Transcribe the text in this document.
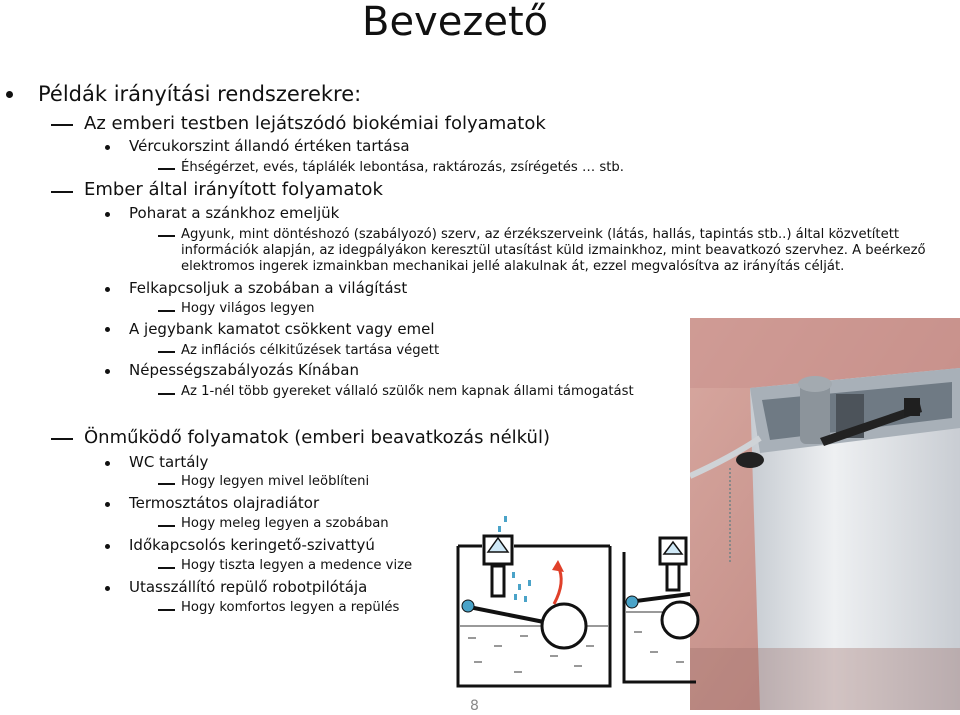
Bevezető
Példák irányítási rendszerekre:
Az emberi testben lejátszódó biokémiai folyamatok
Vércukorszint állandó értéken tartása
Éhségérzet, evés, táplálék lebontása, raktározás, zsírégetés … stb.
Ember által irányított folyamatok
Poharat a szánkhoz emeljük
Agyunk, mint döntéshozó (szabályozó) szerv, az érzékszerveink (látás, hallás, tapintás stb..) által közvetített
információk alapján, az idegpályákon keresztül utasítást küld izmainkhoz, mint beavatkozó szervhez. A beérkező
elektromos ingerek izmainkban mechanikai jellé alakulnak át, ezzel megvalósítva az irányítás célját.
Felkapcsoljuk a szobában a világítást
Hogy világos legyen
A jegybank kamatot csökkent vagy emel
Az inflációs célkitűzések tartása végett
Népességszabályozás Kínában
Az 1-nél több gyereket vállaló szülők nem kapnak állami támogatást
Önműködő folyamatok (emberi beavatkozás nélkül)
WC tartály
Hogy legyen mivel leöblíteni
Termosztátos olajradiátor
Hogy meleg legyen a szobában
Időkapcsolós keringető-szivattyú
Hogy tiszta legyen a medence vize
Utasszállító repülő robotpilótája
Hogy komfortos legyen a repülés
8
